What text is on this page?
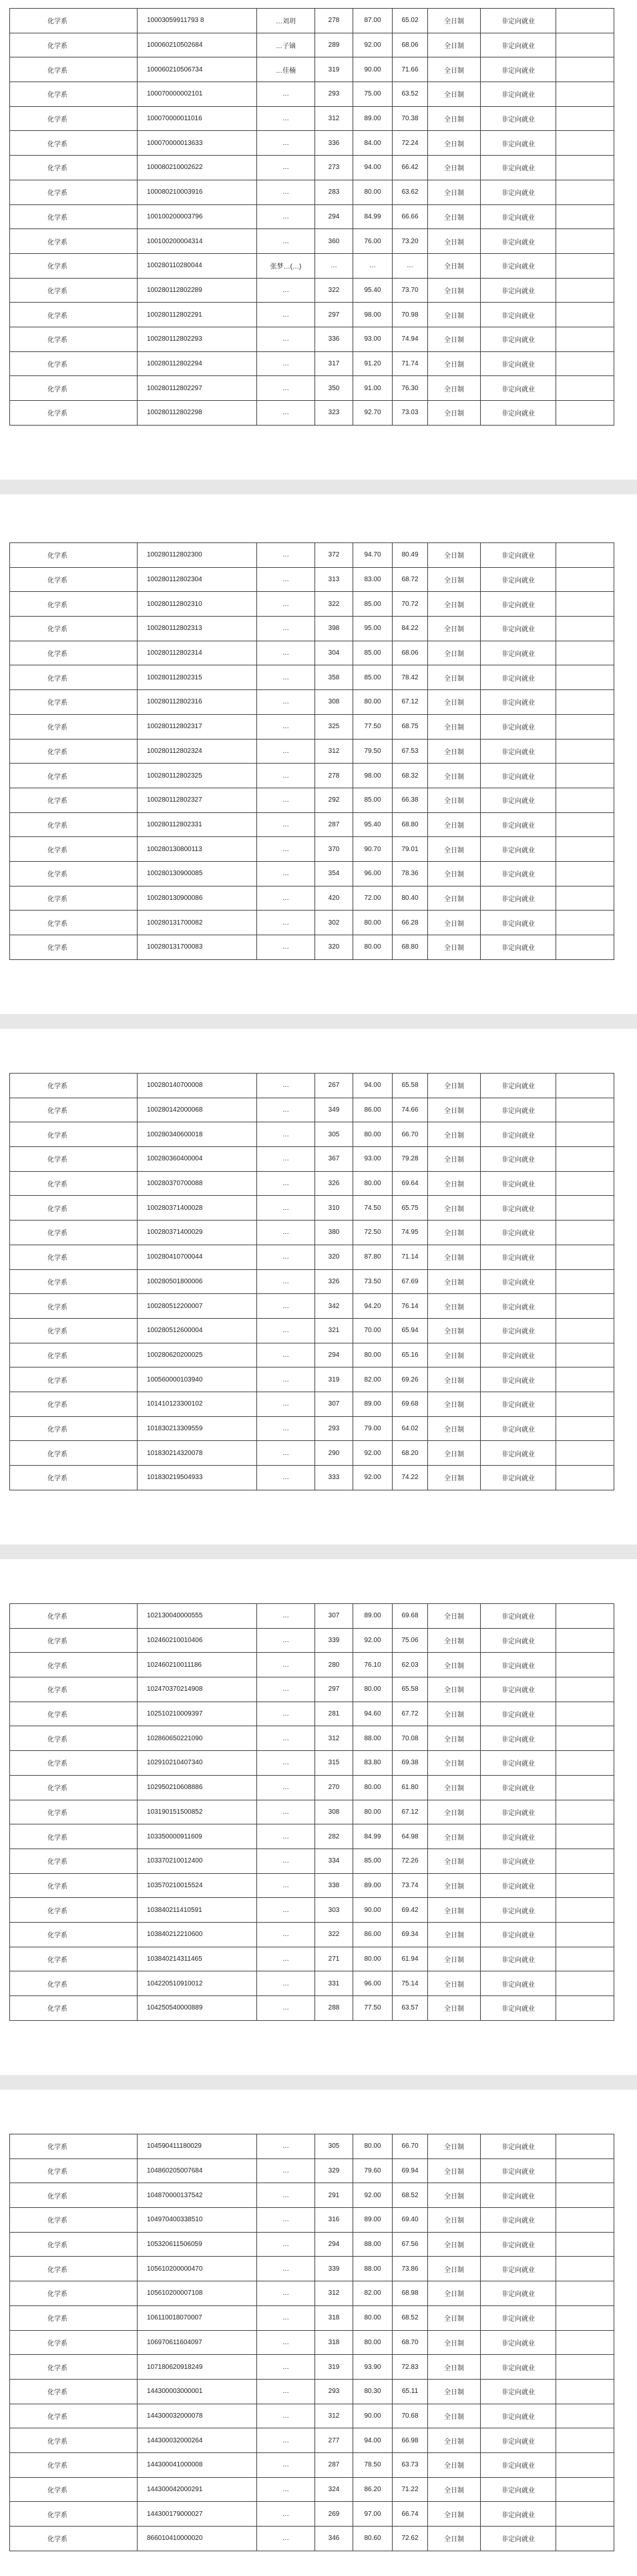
化学系	10003059911793 8	…刘玥	278	87.00	65.02	全日制	非定向就业	
化学系	100060210502684	…子镝	289	92.00	68.06	全日制	非定向就业	
化学系	100060210506734	…佳楠	319	90.00	71.66	全日制	非定向就业	
化学系	100070000002101	…	293	75.00	63.52	全日制	非定向就业	
化学系	100070000011016	…	312	89.00	70.38	全日制	非定向就业	
化学系	100070000013633	…	336	84.00	72.24	全日制	非定向就业	
化学系	100080210002622	…	273	94.00	66.42	全日制	非定向就业	
化学系	100080210003916	…	283	80.00	63.62	全日制	非定向就业	
化学系	100100200003796	…	294	84.99	66.66	全日制	非定向就业	
化学系	100100200004314	…	360	76.00	73.20	全日制	非定向就业	
化学系	100280110280044	张梦…(…)	…	…	…	全日制	非定向就业	
化学系	100280112802289	…	322	95.40	73.70	全日制	非定向就业	
化学系	100280112802291	…	297	98.00	70.98	全日制	非定向就业	
化学系	100280112802293	…	336	93.00	74.94	全日制	非定向就业	
化学系	100280112802294	…	317	91.20	71.74	全日制	非定向就业	
化学系	100280112802297	…	350	91.00	76.30	全日制	非定向就业	
化学系	100280112802298	…	323	92.70	73.03	全日制	非定向就业	
化学系	100280112802300	…	372	94.70	80.49	全日制	非定向就业	
化学系	100280112802304	…	313	83.00	68.72	全日制	非定向就业	
化学系	100280112802310	…	322	85.00	70.72	全日制	非定向就业	
化学系	100280112802313	…	398	95.00	84.22	全日制	非定向就业	
化学系	100280112802314	…	304	85.00	68.06	全日制	非定向就业	
化学系	100280112802315	…	358	85.00	78.42	全日制	非定向就业	
化学系	100280112802316	…	308	80.00	67.12	全日制	非定向就业	
化学系	100280112802317	…	325	77.50	68.75	全日制	非定向就业	
化学系	100280112802324	…	312	79.50	67.53	全日制	非定向就业	
化学系	100280112802325	…	278	98.00	68.32	全日制	非定向就业	
化学系	100280112802327	…	292	85.00	66.38	全日制	非定向就业	
化学系	100280112802331	…	287	95.40	68.80	全日制	非定向就业	
化学系	100280130800113	…	370	90.70	79.01	全日制	非定向就业	
化学系	100280130900085	…	354	96.00	78.36	全日制	非定向就业	
化学系	100280130900086	…	420	72.00	80.40	全日制	非定向就业	
化学系	100280131700082	…	302	80.00	66.28	全日制	非定向就业	
化学系	100280131700083	…	320	80.00	68.80	全日制	非定向就业	
化学系	100280140700008	…	267	94.00	65.58	全日制	非定向就业	
化学系	100280142000068	…	349	86.00	74.66	全日制	非定向就业	
化学系	100280340600018	…	305	80.00	66.70	全日制	非定向就业	
化学系	100280360400004	…	367	93.00	79.28	全日制	非定向就业	
化学系	100280370700088	…	326	80.00	69.64	全日制	非定向就业	
化学系	100280371400028	…	310	74.50	65.75	全日制	非定向就业	
化学系	100280371400029	…	380	72.50	74.95	全日制	非定向就业	
化学系	100280410700044	…	320	87.80	71.14	全日制	非定向就业	
化学系	100280501800006	…	326	73.50	67.69	全日制	非定向就业	
化学系	100280512200007	…	342	94.20	76.14	全日制	非定向就业	
化学系	100280512600004	…	321	70.00	65.94	全日制	非定向就业	
化学系	100280620200025	…	294	80.00	65.16	全日制	非定向就业	
化学系	100560000103940	…	319	82.00	69.26	全日制	非定向就业	
化学系	101410123300102	…	307	89.00	69.68	全日制	非定向就业	
化学系	101830213309559	…	293	79.00	64.02	全日制	非定向就业	
化学系	101830214320078	…	290	92.00	68.20	全日制	非定向就业	
化学系	101830219504933	…	333	92.00	74.22	全日制	非定向就业	
化学系	102130040000555	…	307	89.00	69.68	全日制	非定向就业	
化学系	102460210010406	…	339	92.00	75.06	全日制	非定向就业	
化学系	102460210011186	…	280	76.10	62.03	全日制	非定向就业	
化学系	102470370214908	…	297	80.00	65.58	全日制	非定向就业	
化学系	102510210009397	…	281	94.60	67.72	全日制	非定向就业	
化学系	102860650221090	…	312	88.00	70.08	全日制	非定向就业	
化学系	102910210407340	…	315	83.80	69.38	全日制	非定向就业	
化学系	102950210608886	…	270	80.00	61.80	全日制	非定向就业	
化学系	103190151500852	…	308	80.00	67.12	全日制	非定向就业	
化学系	103350000911609	…	282	84.99	64.98	全日制	非定向就业	
化学系	103370210012400	…	334	85.00	72.26	全日制	非定向就业	
化学系	103570210015524	…	338	89.00	73.74	全日制	非定向就业	
化学系	103840211410591	…	303	90.00	69.42	全日制	非定向就业	
化学系	103840212210600	…	322	86.00	69.34	全日制	非定向就业	
化学系	103840214311465	…	271	80.00	61.94	全日制	非定向就业	
化学系	104220510910012	…	331	96.00	75.14	全日制	非定向就业	
化学系	104250540000889	…	288	77.50	63.57	全日制	非定向就业	
化学系	104590411180029	…	305	80.00	66.70	全日制	非定向就业	
化学系	104860205007684	…	329	79.60	69.94	全日制	非定向就业	
化学系	104870000137542	…	291	92.00	68.52	全日制	非定向就业	
化学系	104970400338510	…	316	89.00	69.40	全日制	非定向就业	
化学系	105320611506059	…	294	88.00	67.56	全日制	非定向就业	
化学系	105610200000470	…	339	88.00	73.86	全日制	非定向就业	
化学系	105610200007108	…	312	82.00	68.98	全日制	非定向就业	
化学系	106110018070007	…	318	80.00	68.52	全日制	非定向就业	
化学系	106970611604097	…	318	80.00	68.70	全日制	非定向就业	
化学系	107180620918249	…	319	93.90	72.83	全日制	非定向就业	
化学系	144300003000001	…	293	80.30	65.11	全日制	非定向就业	
化学系	144300032000078	…	312	90.00	70.68	全日制	非定向就业	
化学系	144300032000264	…	277	94.00	66.98	全日制	非定向就业	
化学系	144300041000008	…	287	78.50	63.73	全日制	非定向就业	
化学系	144300042000291	…	324	86.20	71.22	全日制	非定向就业	
化学系	144300179000027	…	269	97.00	66.74	全日制	非定向就业	
化学系	866010410000020	…	346	80.60	72.62	全日制	非定向就业	
